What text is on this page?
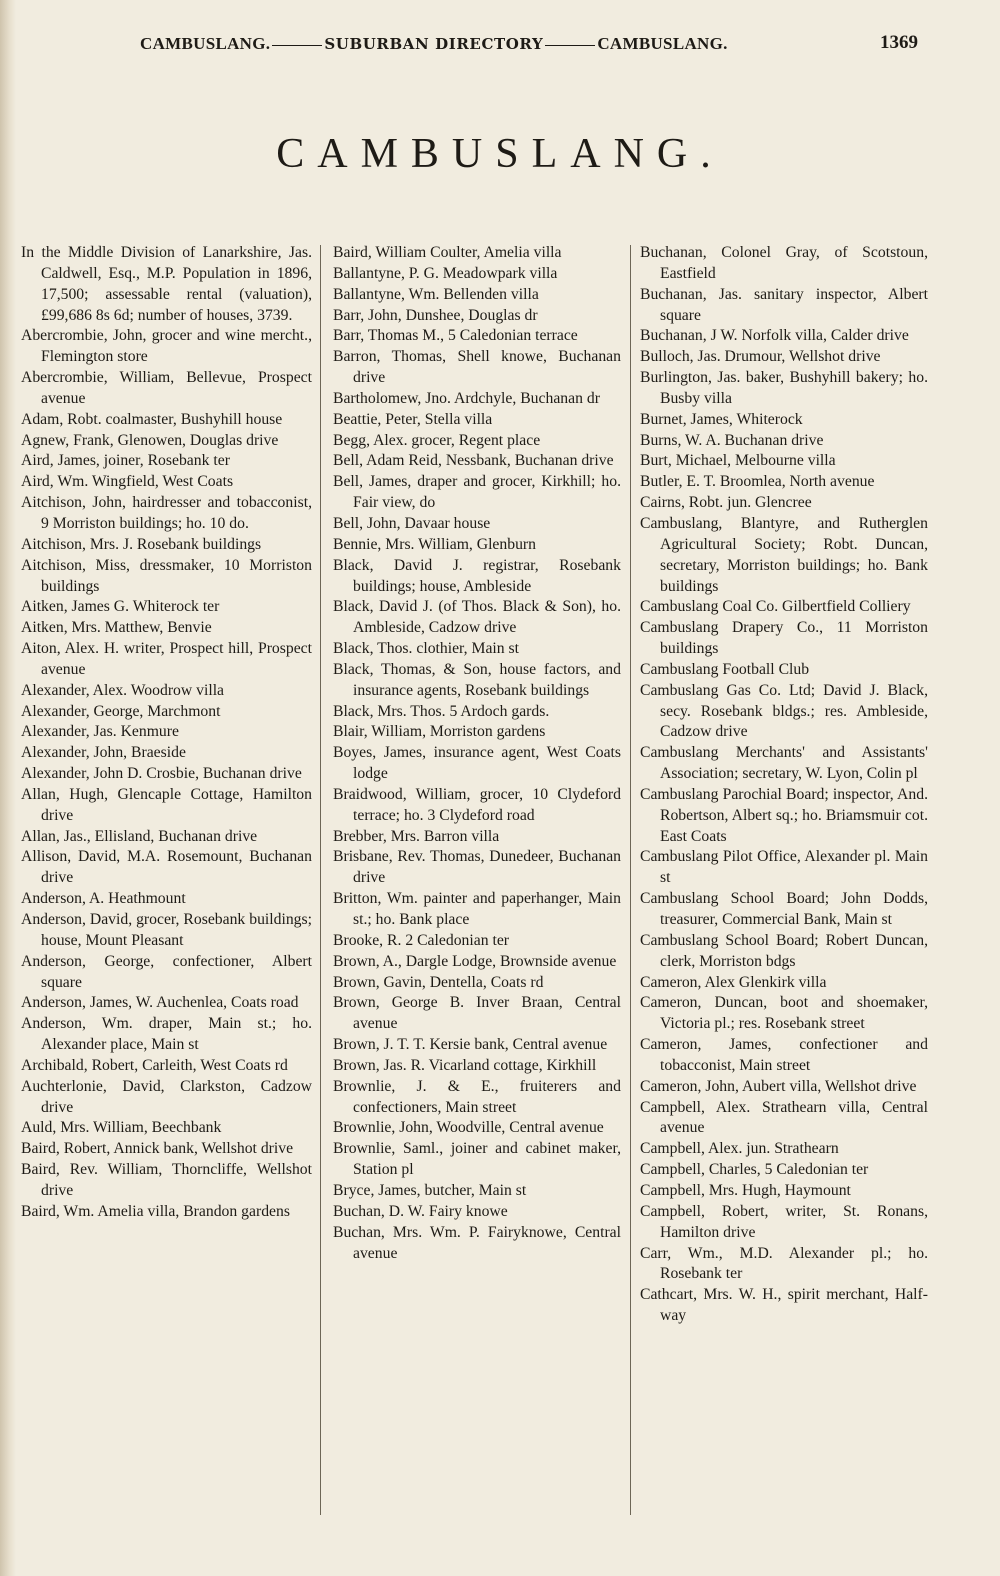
CAMBUSLANG.	SUBURBAN DIRECTORY	CAMBUSLANG.	1369
CAMBUSLANG.
In the Middle Division of Lanarkshire, Jas. Caldwell, Esq., M.P. Population in 1896, 17,500; assessable rental (valuation), £99,686 8s 6d; number of houses, 3739.
Abercrombie, John, grocer and wine mercht., Flemington store
Abercrombie, William, Bellevue, Prospect avenue
Adam, Robt. coalmaster, Bushyhill house
Agnew, Frank, Glenowen, Douglas drive
Aird, James, joiner, Rosebank ter
Aird, Wm. Wingfield, West Coats
Aitchison, John, hairdresser and tobacconist, 9 Morriston buildings; ho. 10 do.
Aitchison, Mrs. J. Rosebank buildings
Aitchison, Miss, dressmaker, 10 Morriston buildings
Aitken, James G. Whiterock ter
Aitken, Mrs. Matthew, Benvie
Aiton, Alex. H. writer, Prospect hill, Prospect avenue
Alexander, Alex. Woodrow villa
Alexander, George, Marchmont
Alexander, Jas. Kenmure
Alexander, John, Braeside
Alexander, John D. Crosbie, Buchanan drive
Allan, Hugh, Glencaple Cottage, Hamilton drive
Allan, Jas., Ellisland, Buchanan drive
Allison, David, M.A. Rosemount, Buchanan drive
Anderson, A. Heathmount
Anderson, David, grocer, Rosebank buildings; house, Mount Pleasant
Anderson, George, confectioner, Albert square
Anderson, James, W. Auchenlea, Coats road
Anderson, Wm. draper, Main st.; ho. Alexander place, Main st
Archibald, Robert, Carleith, West Coats rd
Auchterlonie, David, Clarkston, Cadzow drive
Auld, Mrs. William, Beechbank
Baird, Robert, Annick bank, Wellshot drive
Baird, Rev. William, Thorncliffe, Wellshot drive
Baird, Wm. Amelia villa, Brandon gardens
Baird, William Coulter, Amelia villa
Ballantyne, P. G. Meadowpark villa
Ballantyne, Wm. Bellenden villa
Barr, John, Dunshee, Douglas dr
Barr, Thomas M., 5 Caledonian terrace
Barron, Thomas, Shell knowe, Buchanan drive
Bartholomew, Jno. Ardchyle, Buchanan dr
Beattie, Peter, Stella villa
Begg, Alex. grocer, Regent place
Bell, Adam Reid, Nessbank, Buchanan drive
Bell, James, draper and grocer, Kirkhill; ho. Fair view, do
Bell, John, Davaar house
Bennie, Mrs. William, Glenburn
Black, David J. registrar, Rosebank buildings; house, Ambleside
Black, David J. (of Thos. Black & Son), ho. Ambleside, Cadzow drive
Black, Thos. clothier, Main st
Black, Thomas, & Son, house factors, and insurance agents, Rosebank buildings
Black, Mrs. Thos. 5 Ardoch gards.
Blair, William, Morriston gardens
Boyes, James, insurance agent, West Coats lodge
Braidwood, William, grocer, 10 Clydeford terrace; ho. 3 Clydeford road
Brebber, Mrs. Barron villa
Brisbane, Rev. Thomas, Dunedeer, Buchanan drive
Britton, Wm. painter and paperhanger, Main st.; ho. Bank place
Brooke, R. 2 Caledonian ter
Brown, A., Dargle Lodge, Brownside avenue
Brown, Gavin, Dentella, Coats rd
Brown, George B. Inver Braan, Central avenue
Brown, J. T. T. Kersie bank, Central avenue
Brown, Jas. R. Vicarland cottage, Kirkhill
Brownlie, J. & E., fruiterers and confectioners, Main street
Brownlie, John, Woodville, Central avenue
Brownlie, Saml., joiner and cabinet maker, Station pl
Bryce, James, butcher, Main st
Buchan, D. W. Fairy knowe
Buchan, Mrs. Wm. P. Fairyknowe, Central avenue
Buchanan, Colonel Gray, of Scotstoun, Eastfield
Buchanan, Jas. sanitary inspector, Albert square
Buchanan, J W. Norfolk villa, Calder drive
Bulloch, Jas. Drumour, Wellshot drive
Burlington, Jas. baker, Bushyhill bakery; ho. Busby villa
Burnet, James, Whiterock
Burns, W. A. Buchanan drive
Burt, Michael, Melbourne villa
Butler, E. T. Broomlea, North avenue
Cairns, Robt. jun. Glencree
Cambuslang, Blantyre, and Rutherglen Agricultural Society; Robt. Duncan, secretary, Morriston buildings; ho. Bank buildings
Cambuslang Coal Co. Gilbertfield Colliery
Cambuslang Drapery Co., 11 Morriston buildings
Cambuslang Football Club
Cambuslang Gas Co. Ltd; David J. Black, secy. Rosebank bldgs.; res. Ambleside, Cadzow drive
Cambuslang Merchants' and Assistants' Association; secretary, W. Lyon, Colin pl
Cambuslang Parochial Board; inspector, And. Robertson, Albert sq.; ho. Briamsmuir cot. East Coats
Cambuslang Pilot Office, Alexander pl. Main st
Cambuslang School Board; John Dodds, treasurer, Commercial Bank, Main st
Cambuslang School Board; Robert Duncan, clerk, Morriston bdgs
Cameron, Alex Glenkirk villa
Cameron, Duncan, boot and shoemaker, Victoria pl.; res. Rosebank street
Cameron, James, confectioner and tobacconist, Main street
Cameron, John, Aubert villa, Wellshot drive
Campbell, Alex. Strathearn villa, Central avenue
Campbell, Alex. jun. Strathearn
Campbell, Charles, 5 Caledonian ter
Campbell, Mrs. Hugh, Haymount
Campbell, Robert, writer, St. Ronans, Hamilton drive
Carr, Wm., M.D. Alexander pl.; ho. Rosebank ter
Cathcart, Mrs. W. H., spirit merchant, Half-way
